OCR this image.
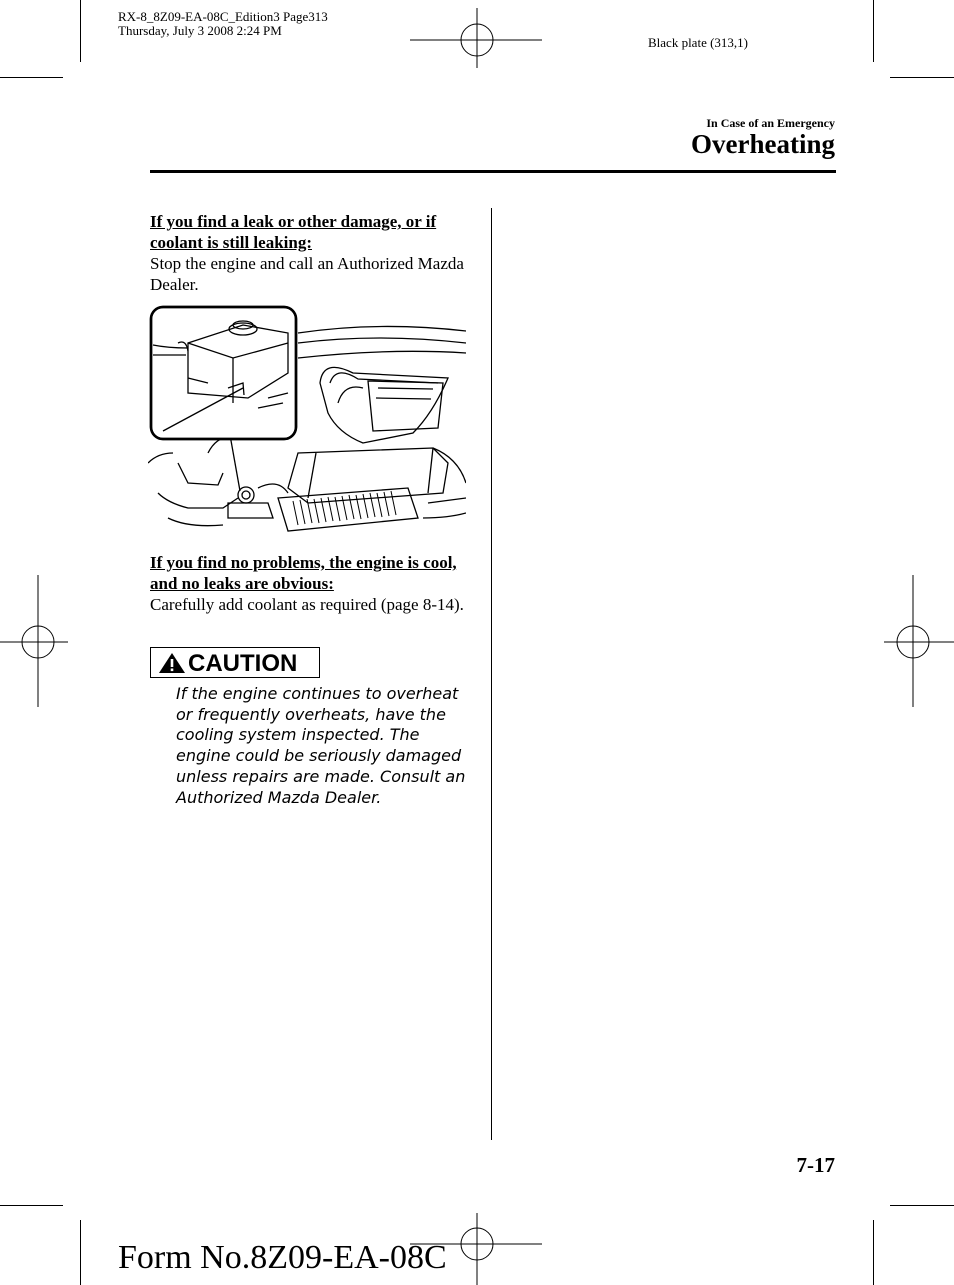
RX-8_8Z09-EA-08C_Edition3 Page313
Thursday, July 3 2008 2:24 PM
Black plate (313,1)
In Case of an Emergency
Overheating
If you find a leak or other damage, or if coolant is still leaking:
Stop the engine and call an Authorized Mazda Dealer.
If you find no problems, the engine is cool, and no leaks are obvious:
Carefully add coolant as required (page 8-14).
CAUTION
If the engine continues to overheat or frequently overheats, have the cooling system inspected. The engine could be seriously damaged unless repairs are made. Consult an Authorized Mazda Dealer.
7-17
Form No.8Z09-EA-08C
